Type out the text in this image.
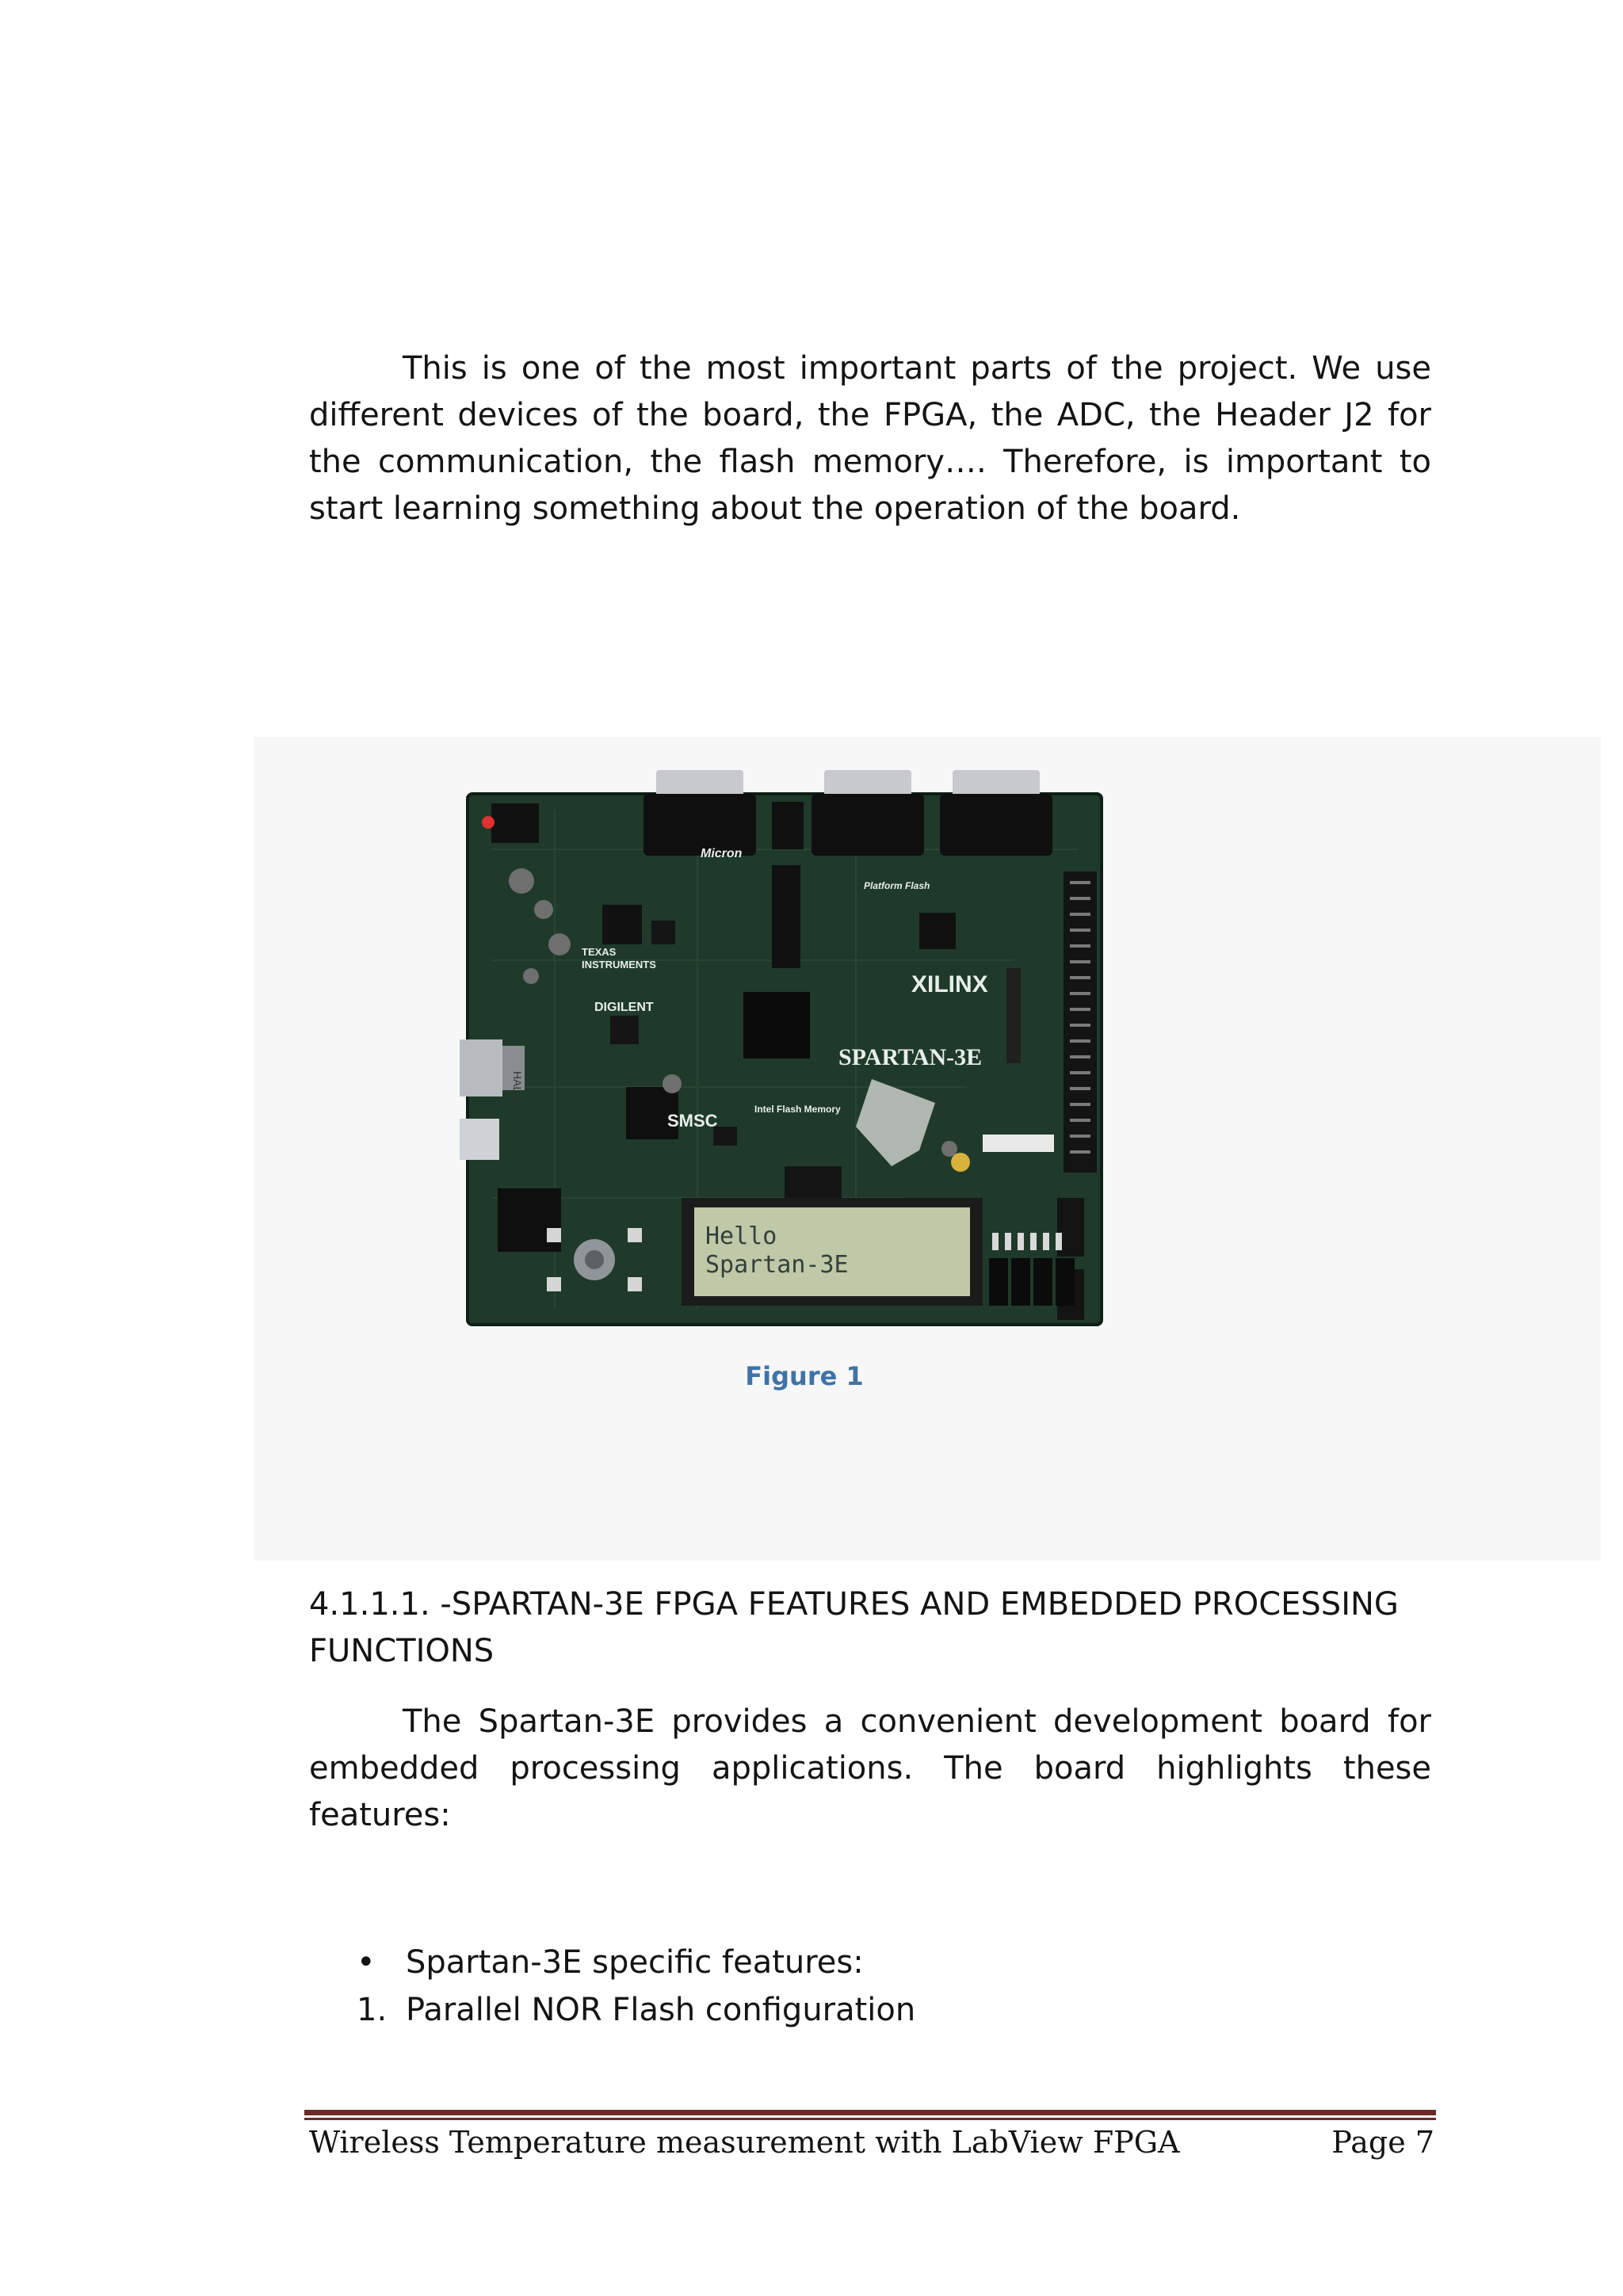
This is one of the most important parts of the project. We use different devices of the board, the FPGA, the ADC, the Header J2 for the communication, the flash memory…. Therefore, is important to start learning something about the operation of the board.

HALO
XILINX
SPARTAN-3E
DIGILENT
TEXAS
INSTRUMENTS
Micron
SMSC
Intel Flash Memory
Platform Flash
Hello
Spartan-3E
Figure 1
4.1.1.1. -SPARTAN-3E FPGA FEATURES AND EMBEDDED PROCESSING FUNCTIONS

The Spartan-3E provides a convenient development board for embedded processing applications. The board highlights these features:

• Spartan-3E specific features:
1. Parallel NOR Flash configuration
Wireless Temperature measurement with LabView FPGA	Page 7
